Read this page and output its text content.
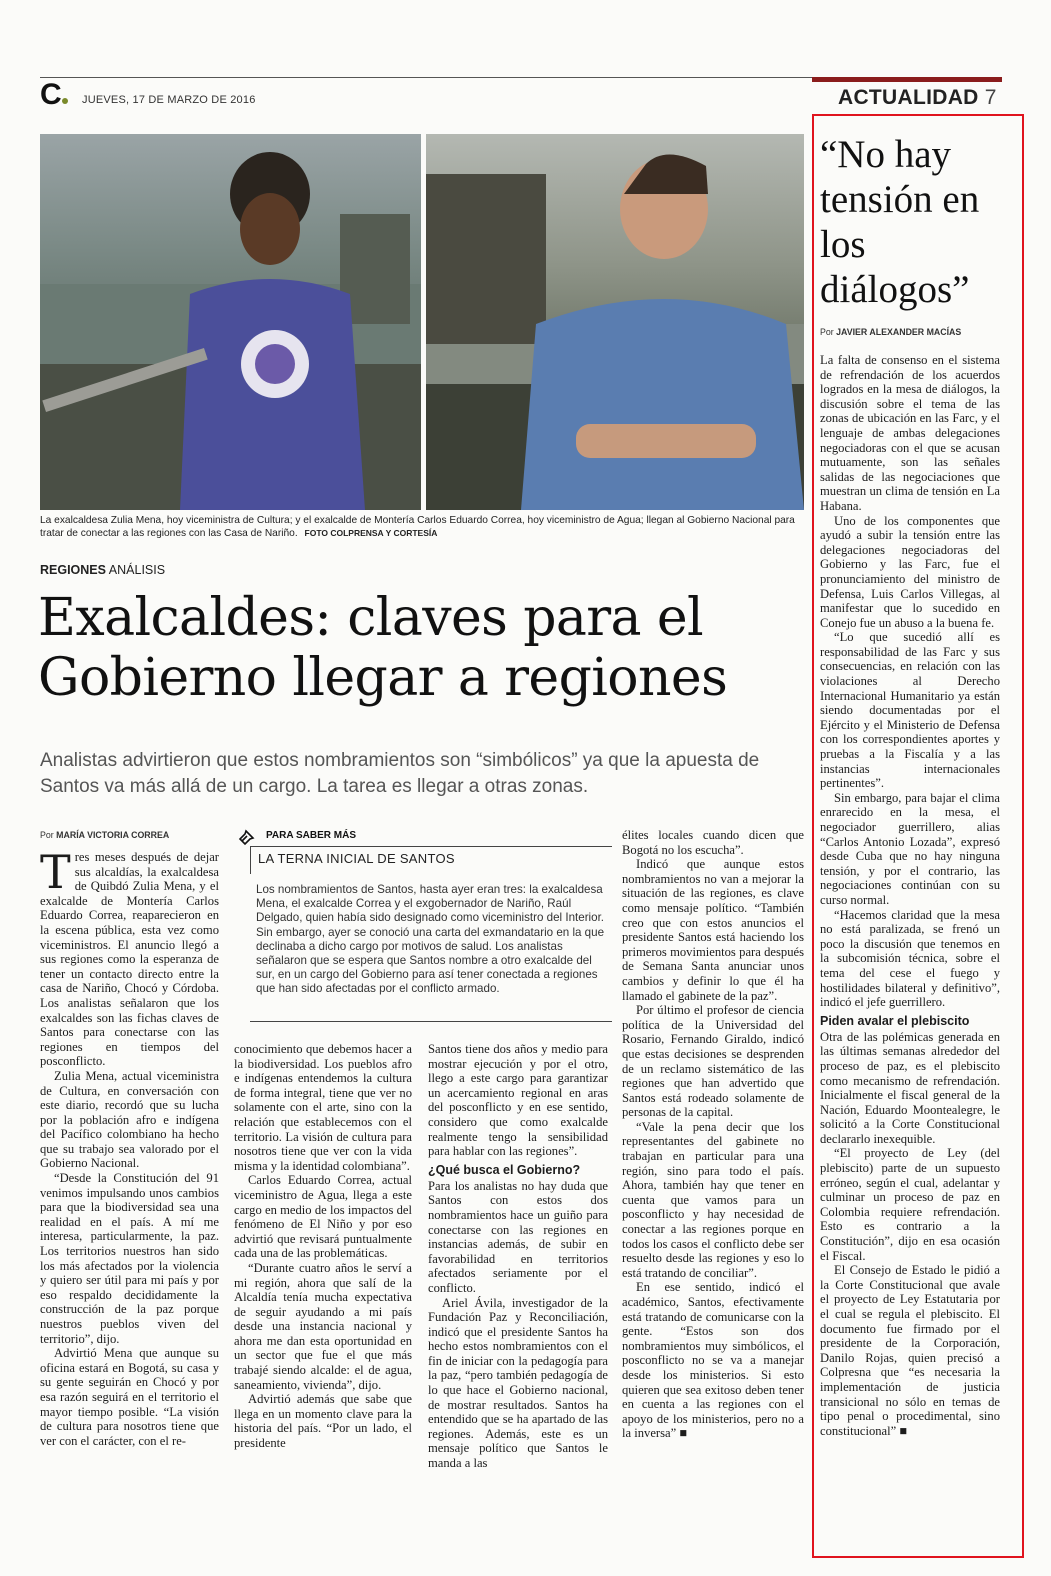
C JUEVES, 17 DE MARZO DE 2016	ACTUALIDAD 7
La exalcaldesa Zulia Mena, hoy viceministra de Cultura; y el exalcalde de Montería Carlos Eduardo Correa, hoy viceministro de Agua; llegan al Gobierno Nacional para tratar de conectar a las regiones con las Casa de Nariño. FOTO COLPRENSA Y CORTESÍA
REGIONES ANÁLISIS
Exalcaldes: claves para el
Gobierno llegar a regiones
Analistas advirtieron que estos nombramientos son “simbólicos” ya que la apuesta de Santos va más allá de un cargo. La tarea es llegar a otras zonas.
Por MARÍA VICTORIA CORREA
T res meses después de dejar sus alcaldías, la exalcaldesa de Quibdó Zulia Mena, y el exalcalde de Montería Carlos Eduardo Correa, reaparecieron en la escena pública, esta vez como viceministros. El anuncio llegó a sus regiones como la esperanza de tener un contacto directo entre la casa de Nariño, Chocó y Córdoba. Los analistas señalaron que los exalcaldes son las fichas claves de Santos para conectarse con las regiones en tiempos del posconflicto.

Zulia Mena, actual viceministra de Cultura, en conversación con este diario, recordó que su lucha por la población afro e indígena del Pacífico colombiano ha hecho que su trabajo sea valorado por el Gobierno Nacional.

“Desde la Constitución del 91 venimos impulsando unos cambios para que la biodiversidad sea una realidad en el país. A mí me interesa, particularmente, la paz. Los territorios nuestros han sido los más afectados por la violencia y quiero ser útil para mi país y por eso respaldo decididamente la construcción de la paz porque nuestros pueblos viven del territorio”, dijo.

Advirtió Mena que aunque su oficina estará en Bogotá, su casa y su gente seguirán en Chocó y por esa razón seguirá en el territorio el mayor tiempo posible. “La visión de cultura para nosotros tiene que ver con el carácter, con el re-

PARA SABER MÁS
LA TERNA INICIAL DE SANTOS
Los nombramientos de Santos, hasta ayer eran tres: la exalcaldesa Mena, el exalcalde Correa y el exgobernador de Nariño, Raúl Delgado, quien había sido designado como viceministro del Interior. Sin embargo, ayer se conoció una carta del exmandatario en la que declinaba a dicho cargo por motivos de salud. Los analistas señalaron que se espera que Santos nombre a otro exalcalde del sur, en un cargo del Gobierno para así tener conectada a regiones que han sido afectadas por el conflicto armado.

conocimiento que debemos hacer a la biodiversidad. Los pueblos afro e indígenas entendemos la cultura de forma integral, tiene que ver no solamente con el arte, sino con la relación que establecemos con el territorio. La visión de cultura para nosotros tiene que ver con la vida misma y la identidad colombiana”.

Carlos Eduardo Correa, actual viceministro de Agua, llega a este cargo en medio de los impactos del fenómeno de El Niño y por eso advirtió que revisará puntualmente cada una de las problemáticas.

“Durante cuatro años le serví a mi región, ahora que salí de la Alcaldía tenía mucha expectativa de seguir ayudando a mi país desde una instancia nacional y ahora me dan esta oportunidad en un sector que fue el que más trabajé siendo alcalde: el de agua, saneamiento, vivienda”, dijo.

Advirtió además que sabe que llega en un momento clave para la historia del país. “Por un lado, el presidente

Santos tiene dos años y medio para mostrar ejecución y por el otro, llego a este cargo para garantizar un acercamiento regional en aras del posconflicto y en ese sentido, considero que como exalcalde realmente tengo la sensibilidad para hablar con las regiones”.

¿Qué busca el Gobierno?

Para los analistas no hay duda que Santos con estos dos nombramientos hace un guiño para conectarse con las regiones en instancias además, de subir en favorabilidad en territorios afectados seriamente por el conflicto.

Ariel Ávila, investigador de la Fundación Paz y Reconciliación, indicó que el presidente Santos ha hecho estos nombramientos con el fin de iniciar con la pedagogía para la paz, “pero también pedagogía de lo que hace el Gobierno nacional, de mostrar resultados. Santos ha entendido que se ha apartado de las regiones. Además, este es un mensaje político que Santos le manda a las

élites locales cuando dicen que Bogotá no los escucha”.

Indicó que aunque estos nombramientos no van a mejorar la situación de las regiones, es clave como mensaje político. “También creo que con estos anuncios el presidente Santos está haciendo los primeros movimientos para después de Semana Santa anunciar unos cambios y definir lo que él ha llamado el gabinete de la paz”.

Por último el profesor de ciencia política de la Universidad del Rosario, Fernando Giraldo, indicó que estas decisiones se desprenden de un reclamo sistemático de las regiones que han advertido que Santos está rodeado solamente de personas de la capital.

“Vale la pena decir que los representantes del gabinete no trabajan en particular para una región, sino para todo el país. Ahora, también hay que tener en cuenta que vamos para un posconflicto y hay necesidad de conectar a las regiones porque en todos los casos el conflicto debe ser resuelto desde las regiones y eso lo está tratando de conciliar”.

En ese sentido, indicó el académico, Santos, efectivamente está tratando de comunicarse con la gente. “Estos son dos nombramientos muy simbólicos, el posconflicto no se va a manejar desde los ministerios. Si esto quieren que sea exitoso deben tener en cuenta a las regiones con el apoyo de los ministerios, pero no a la inversa” ■

“No hay tensión en los diálogos”
Por JAVIER ALEXANDER MACÍAS

La falta de consenso en el sistema de refrendación de los acuerdos logrados en la mesa de diálogos, la discusión sobre el tema de las zonas de ubicación en las Farc, y el lenguaje de ambas delegaciones negociadoras con el que se acusan mutuamente, son las señales salidas de las negociaciones que muestran un clima de tensión en La Habana.

Uno de los componentes que ayudó a subir la tensión entre las delegaciones negociadoras del Gobierno y las Farc, fue el pronunciamiento del ministro de Defensa, Luis Carlos Villegas, al manifestar que lo sucedido en Conejo fue un abuso a la buena fe.

“Lo que sucedió allí es responsabilidad de las Farc y sus consecuencias, en relación con las violaciones al Derecho Internacional Humanitario ya están siendo documentadas por el Ejército y el Ministerio de Defensa con los correspondientes aportes y pruebas a la Fiscalía y a las instancias internacionales pertinentes”.

Sin embargo, para bajar el clima enrarecido en la mesa, el negociador guerrillero, alias “Carlos Antonio Lozada”, expresó desde Cuba que no hay ninguna tensión, y por el contrario, las negociaciones continúan con su curso normal.

“Hacemos claridad que la mesa no está paralizada, se frenó un poco la discusión que tenemos en la subcomisión técnica, sobre el tema del cese el fuego y hostilidades bilateral y definitivo”, indicó el jefe guerrillero.

Piden avalar el plebiscito

Otra de las polémicas generada en las últimas semanas alrededor del proceso de paz, es el plebiscito como mecanismo de refrendación. Inicialmente el fiscal general de la Nación, Eduardo Moontealegre, le solicitó a la Corte Constitucional declararlo inexequible.

“El proyecto de Ley (del plebiscito) parte de un supuesto erróneo, según el cual, adelantar y culminar un proceso de paz en Colombia requiere refrendación. Esto es contrario a la Constitución”, dijo en esa ocasión el Fiscal.

El Consejo de Estado le pidió a la Corte Constitucional que avale el proyecto de Ley Estatutaria por el cual se regula el plebiscito. El documento fue firmado por el presidente de la Corporación, Danilo Rojas, quien precisó a Colpresna que “es necesaria la implementación de justicia transicional no sólo en temas de tipo penal o procedimental, sino constitucional” ■
